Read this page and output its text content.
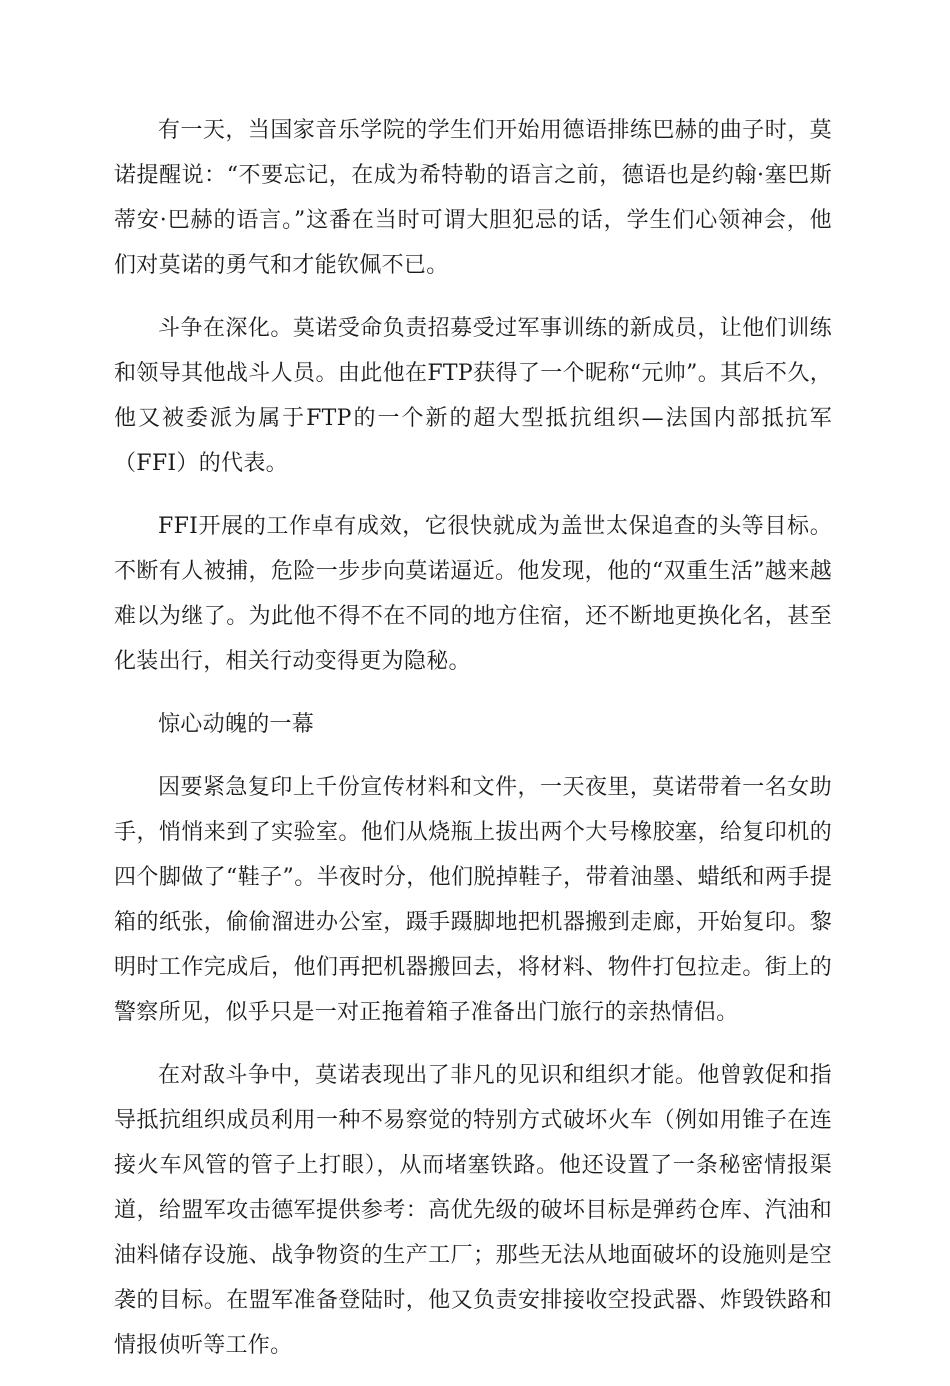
有一天，当国家音乐学院的学生们开始用德语排练巴赫的曲子时，莫诺提醒说：“不要忘记，在成为希特勒的语言之前，德语也是约翰·塞巴斯蒂安·巴赫的语言。”这番在当时可谓大胆犯忌的话，学生们心领神会，他们对莫诺的勇气和才能钦佩不已。

斗争在深化。莫诺受命负责招募受过军事训练的新成员，让他们训练和领导其他战斗人员。由此他在FTP获得了一个昵称“元帅”。其后不久，他又被委派为属于FTP的一个新的超大型抵抗组织—法国内部抵抗军（FFI）的代表。

FFI开展的工作卓有成效，它很快就成为盖世太保追查的头等目标。不断有人被捕，危险一步步向莫诺逼近。他发现，他的“双重生活”越来越难以为继了。为此他不得不在不同的地方住宿，还不断地更换化名，甚至化装出行，相关行动变得更为隐秘。

惊心动魄的一幕

因要紧急复印上千份宣传材料和文件，一天夜里，莫诺带着一名女助手，悄悄来到了实验室。他们从烧瓶上拔出两个大号橡胶塞，给复印机的四个脚做了“鞋子”。半夜时分，他们脱掉鞋子，带着油墨、蜡纸和两手提箱的纸张，偷偷溜进办公室，蹑手蹑脚地把机器搬到走廊，开始复印。黎明时工作完成后，他们再把机器搬回去，将材料、物件打包拉走。街上的警察所见，似乎只是一对正拖着箱子准备出门旅行的亲热情侣。

在对敌斗争中，莫诺表现出了非凡的见识和组织才能。他曾敦促和指导抵抗组织成员利用一种不易察觉的特别方式破坏火车（例如用锥子在连接火车风管的管子上打眼），从而堵塞铁路。他还设置了一条秘密情报渠道，给盟军攻击德军提供参考：高优先级的破坏目标是弹药仓库、汽油和油料储存设施、战争物资的生产工厂；那些无法从地面破坏的设施则是空袭的目标。在盟军准备登陆时，他又负责安排接收空投武器、炸毁铁路和情报侦听等工作。
